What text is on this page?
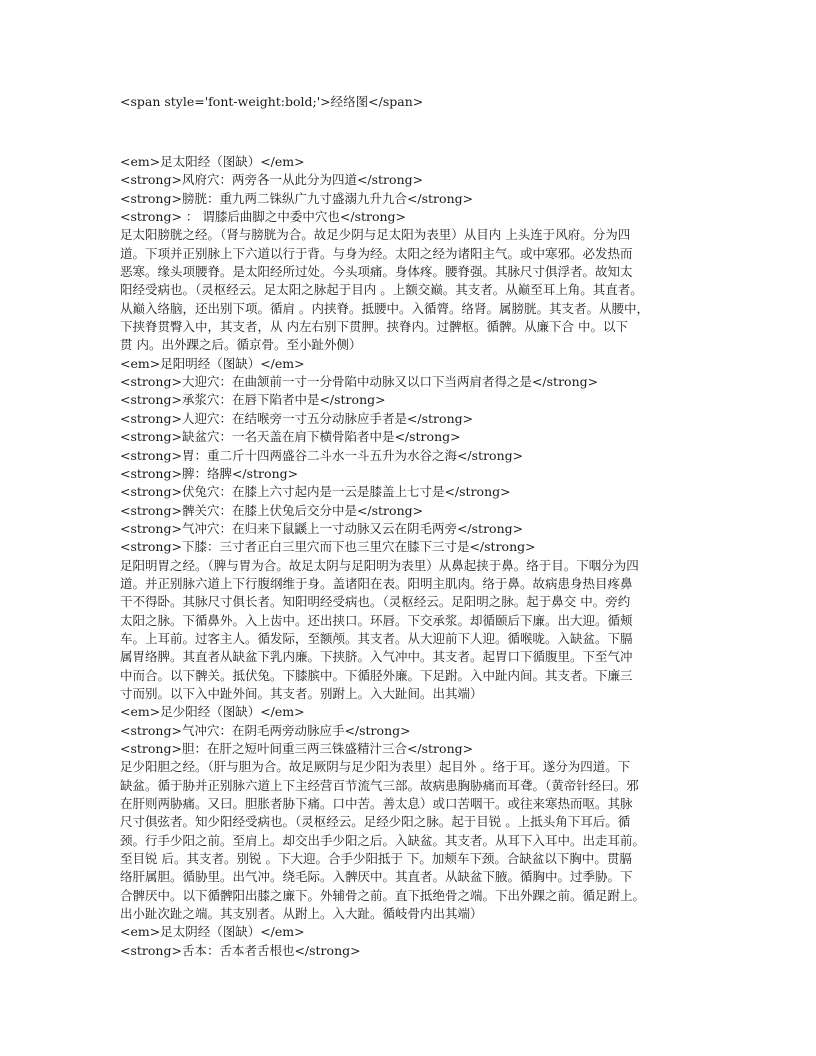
<span style='font-weight:bold;'>经络图</span>

<em>足太阳经（图缺）</em>

<strong>风府穴：两旁各一从此分为四道</strong>

<strong>膀胱：重九两二铢纵广九寸盛溺九升九合</strong>

<strong> ： 谓膝后曲脚之中委中穴也</strong>

足太阳膀胱之经。（肾与膀胱为合。故足少阴与足太阳为表里）从目内 上头连于风府。分为四

道。下项并正别脉上下六道以行于背。与身为经。太阳之经为诸阳主气。或中寒邪。必发热而

恶寒。缘头项腰脊。是太阳经所过处。今头项痛。身体疼。腰脊强。其脉尺寸俱浮者。故知太

阳经受病也。（灵枢经云。足太阳之脉起于目内 。上额交巅。其支者。从巅至耳上角。其直者。

从巅入络脑，还出别下项。循肩 。内挟脊。抵腰中。入循膂。络肾。属膀胱。其支者。从腰中，

下挟脊贯臀入中，其支者，从 内左右别下贯胛。挟脊内。过髀枢。循髀。从廉下合 中。以下

贯 内。出外踝之后。循京骨。至小趾外侧）

<em>足阳明经（图缺）</em>

<strong>大迎穴：在曲颔前一寸一分骨陷中动脉又以口下当两肩者得之是</strong>

<strong>承浆穴：在唇下陷者中是</strong>

<strong>人迎穴：在结喉旁一寸五分动脉应手者是</strong>

<strong>缺盆穴：一名天盖在肩下横骨陷者中是</strong>

<strong>胃：重二斤十四两盛谷二斗水一斗五升为水谷之海</strong>

<strong>脾：络脾</strong>

<strong>伏兔穴：在膝上六寸起内是一云是膝盖上七寸是</strong>

<strong>髀关穴：在膝上伏兔后交分中是</strong>

<strong>气冲穴：在归来下鼠鼷上一寸动脉又云在阴毛两旁</strong>

<strong>下膝：三寸者正白三里穴而下也三里穴在膝下三寸是</strong>

足阳明胃之经。（脾与胃为合。故足太阴与足阳明为表里）从鼻起挟于鼻。络于目。下咽分为四

道。并正别脉六道上下行腹纲维于身。盖诸阳在表。阳明主肌肉。络于鼻。故病患身热目疼鼻

干不得卧。其脉尺寸俱长者。知阳明经受病也。（灵枢经云。足阳明之脉。起于鼻交 中。旁约

太阳之脉。下循鼻外。入上齿中。还出挟口。环唇。下交承浆。却循颐后下廉。出大迎。循颊

车。上耳前。过客主人。循发际，至额颅。其支者。从大迎前下人迎。循喉咙。入缺盆。下膈

属胃络脾。其直者从缺盆下乳内廉。下挟脐。入气冲中。其支者。起胃口下循腹里。下至气冲

中而合。以下髀关。抵伏兔。下膝膑中。下循胫外廉。下足跗。入中趾内间。其支者。下廉三

寸而别。以下入中趾外间。其支者。别跗上。入大趾间。出其端）

<em>足少阳经（图缺）</em>

<strong>气冲穴：在阴毛两旁动脉应手</strong>

<strong>胆：在肝之短叶间重三两三铢盛精汁三合</strong>

足少阳胆之经。（肝与胆为合。故足厥阴与足少阳为表里）起目外 。络于耳。遂分为四道。下

缺盆。循于胁并正别脉六道上下主经营百节流气三部。故病患胸胁痛而耳聋。（黄帝针经曰。邪

在肝则两胁痛。又曰。胆胀者胁下痛。口中苦。善太息）或口苦咽干。或往来寒热而呕。其脉

尺寸俱弦者。知少阳经受病也。（灵枢经云。足经少阳之脉。起于目锐 。上抵头角下耳后。循

颈。行手少阳之前。至肩上。却交出手少阳之后。入缺盆。其支者。从耳下入耳中。出走耳前。

至目锐 后。其支者。别锐 。下大迎。合手少阳抵于 下。加颊车下颈。合缺盆以下胸中。贯膈

络肝属胆。循胁里。出气冲。绕毛际。入髀厌中。其直者。从缺盆下腋。循胸中。过季胁。下

合髀厌中。以下循髀阳出膝之廉下。外辅骨之前。直下抵绝骨之端。下出外踝之前。循足跗上。

出小趾次趾之端。其支别者。从跗上。入大趾。循岐骨内出其端）

<em>足太阴经（图缺）</em>

<strong>舌本：舌本者舌根也</strong>
